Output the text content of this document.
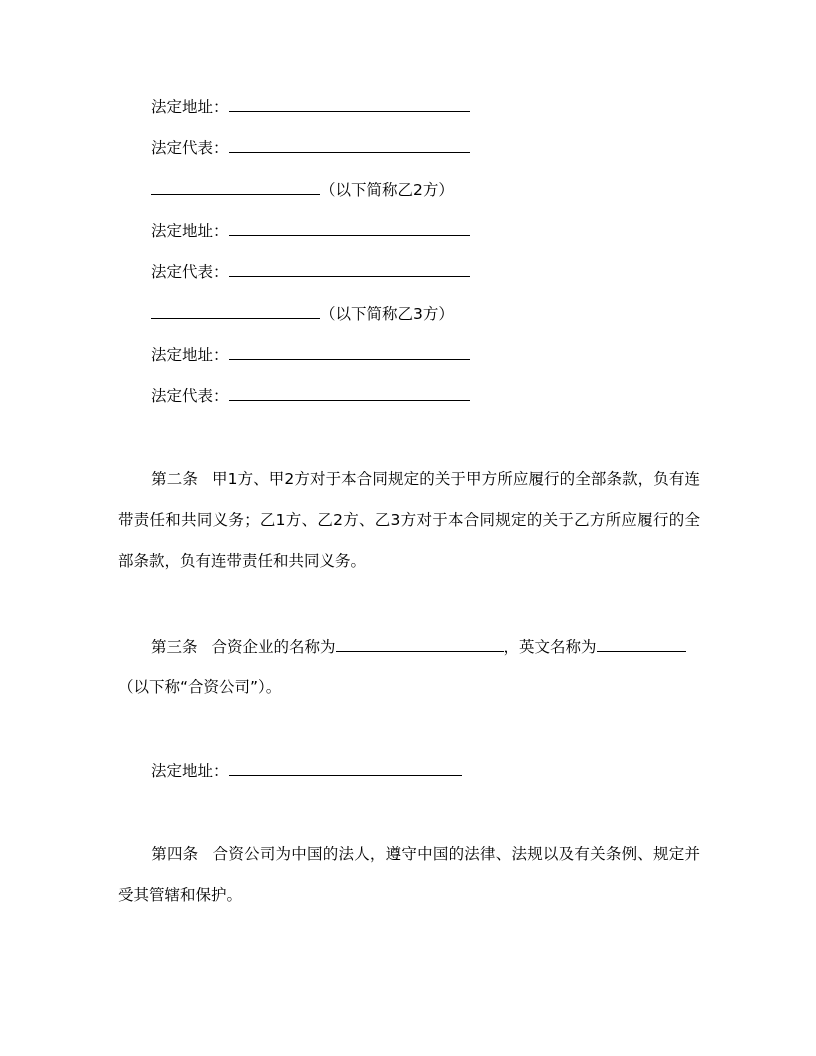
法定地址：
法定代表：
（以下简称乙2方）
法定地址：
法定代表：
（以下简称乙3方）
法定地址：
法定代表：
第二条 甲1方、甲2方对于本合同规定的关于甲方所应履行的全部条款，负有连带责任和共同义务；乙1方、乙2方、乙3方对于本合同规定的关于乙方所应履行的全部条款，负有连带责任和共同义务。
第三条 合资企业的名称为	，英文名称为
（以下称“合资公司”）。
法定地址：
第四条 合资公司为中国的法人，遵守中国的法律、法规以及有关条例、规定并受其管辖和保护。
